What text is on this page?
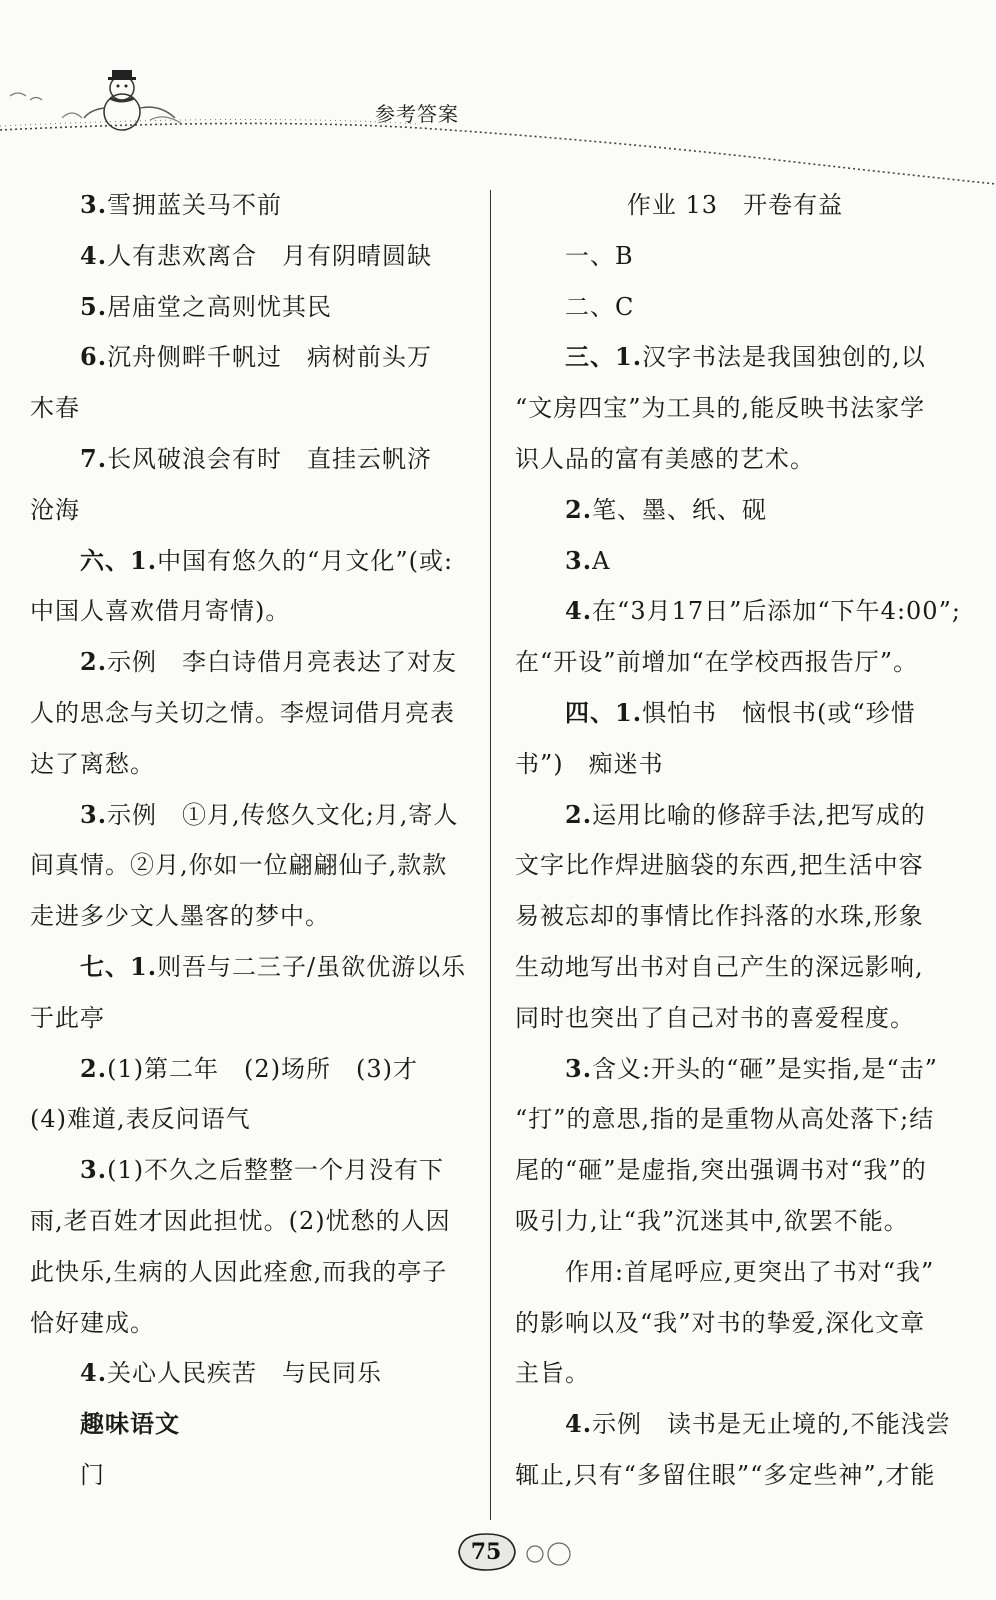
参考答案
3.雪拥蓝关马不前
4.人有悲欢离合　月有阴晴圆缺
5.居庙堂之高则忧其民
6.沉舟侧畔千帆过　病树前头万
木春
7.长风破浪会有时　直挂云帆济
沧海
六、1.中国有悠久的“月文化”(或:
中国人喜欢借月寄情)。
2.示例　李白诗借月亮表达了对友
人的思念与关切之情。李煜词借月亮表
达了离愁。
3.示例　①月,传悠久文化;月,寄人
间真情。②月,你如一位翩翩仙子,款款
走进多少文人墨客的梦中。
七、1.则吾与二三子/虽欲优游以乐
于此亭
2.(1)第二年　(2)场所　(3)才
(4)难道,表反问语气
3.(1)不久之后整整一个月没有下
雨,老百姓才因此担忧。(2)忧愁的人因
此快乐,生病的人因此痊愈,而我的亭子
恰好建成。
4.关心人民疾苦　与民同乐
趣味语文
门
作业 13　开卷有益
一、B
二、C
三、1.汉字书法是我国独创的,以
“文房四宝”为工具的,能反映书法家学
识人品的富有美感的艺术。
2.笔、墨、纸、砚
3.A
4.在“3月17日”后添加“下午4:00”;
在“开设”前增加“在学校西报告厅”。
四、1.惧怕书　恼恨书(或“珍惜
书”)　痴迷书
2.运用比喻的修辞手法,把写成的
文字比作焊进脑袋的东西,把生活中容
易被忘却的事情比作抖落的水珠,形象
生动地写出书对自己产生的深远影响,
同时也突出了自己对书的喜爱程度。
3.含义:开头的“砸”是实指,是“击”
“打”的意思,指的是重物从高处落下;结
尾的“砸”是虚指,突出强调书对“我”的
吸引力,让“我”沉迷其中,欲罢不能。
作用:首尾呼应,更突出了书对“我”
的影响以及“我”对书的挚爱,深化文章
主旨。
4.示例　读书是无止境的,不能浅尝
辄止,只有“多留住眼”“多定些神”,才能
75
